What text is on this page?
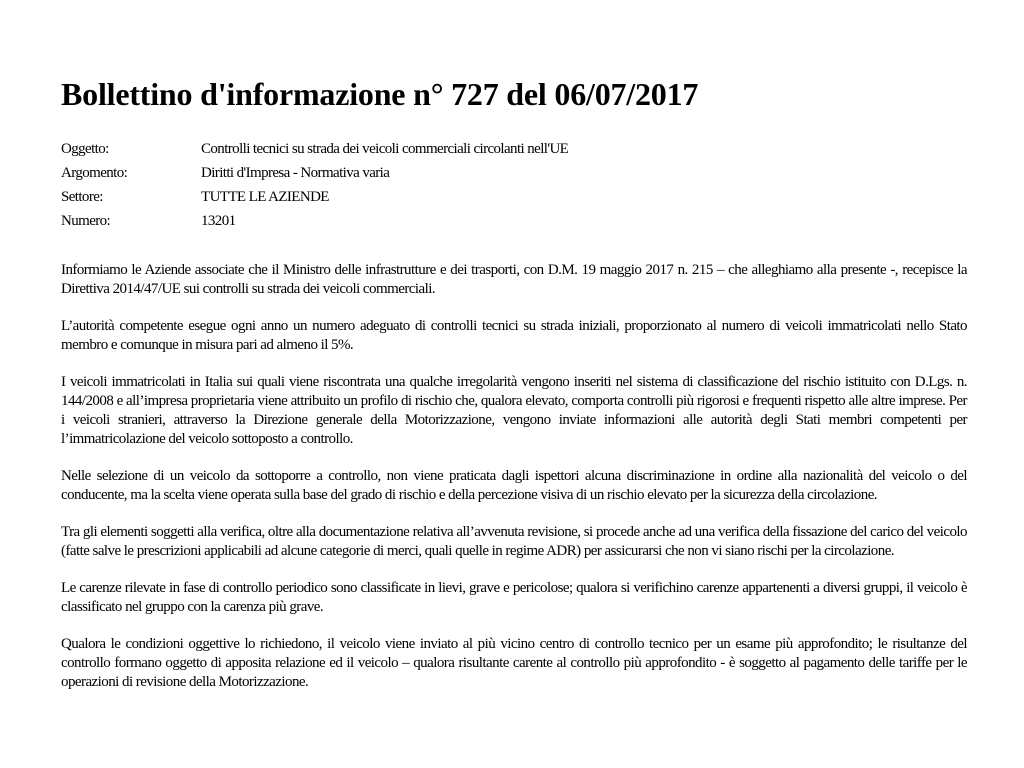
Bollettino d'informazione n° 727 del 06/07/2017
Oggetto:	Controlli tecnici su strada dei veicoli commerciali circolanti nell'UE
Argomento:	Diritti d'Impresa - Normativa varia
Settore:	TUTTE LE AZIENDE
Numero:	13201

Informiamo le Aziende associate che il Ministro delle infrastrutture e dei trasporti, con D.M. 19 maggio 2017 n. 215 – che alleghiamo alla presente -, recepisce la Direttiva 2014/47/UE sui controlli su strada dei veicoli commerciali.

L’autorità competente esegue ogni anno un numero adeguato di controlli tecnici su strada iniziali, proporzionato al numero di veicoli immatricolati nello Stato membro e comunque in misura pari ad almeno il 5%.

I veicoli immatricolati in Italia sui quali viene riscontrata una qualche irregolarità vengono inseriti nel sistema di classificazione del rischio istituito con D.Lgs. n. 144/2008 e all’impresa proprietaria viene attribuito un profilo di rischio che, qualora elevato, comporta controlli più rigorosi e frequenti rispetto alle altre imprese. Per i veicoli stranieri, attraverso la Direzione generale della Motorizzazione, vengono inviate informazioni alle autorità degli Stati membri competenti per l’immatricolazione del veicolo sottoposto a controllo.

Nelle selezione di un veicolo da sottoporre a controllo, non viene praticata dagli ispettori alcuna discriminazione in ordine alla nazionalità del veicolo o del conducente, ma la scelta viene operata sulla base del grado di rischio e della percezione visiva di un rischio elevato per la sicurezza della circolazione.

Tra gli elementi soggetti alla verifica, oltre alla documentazione relativa all’avvenuta revisione, si procede anche ad una verifica della fissazione del carico del veicolo (fatte salve le prescrizioni applicabili ad alcune categorie di merci, quali quelle in regime ADR) per assicurarsi che non vi siano rischi per la circolazione.

Le carenze rilevate in fase di controllo periodico sono classificate in lievi, grave e pericolose; qualora si verifichino carenze appartenenti a diversi gruppi, il veicolo è classificato nel gruppo con la carenza più grave.

Qualora le condizioni oggettive lo richiedono, il veicolo viene inviato al più vicino centro di controllo tecnico per un esame più approfondito; le risultanze del controllo formano oggetto di apposita relazione ed il veicolo – qualora risultante carente al controllo più approfondito - è soggetto al pagamento delle tariffe per le operazioni di revisione della Motorizzazione.
